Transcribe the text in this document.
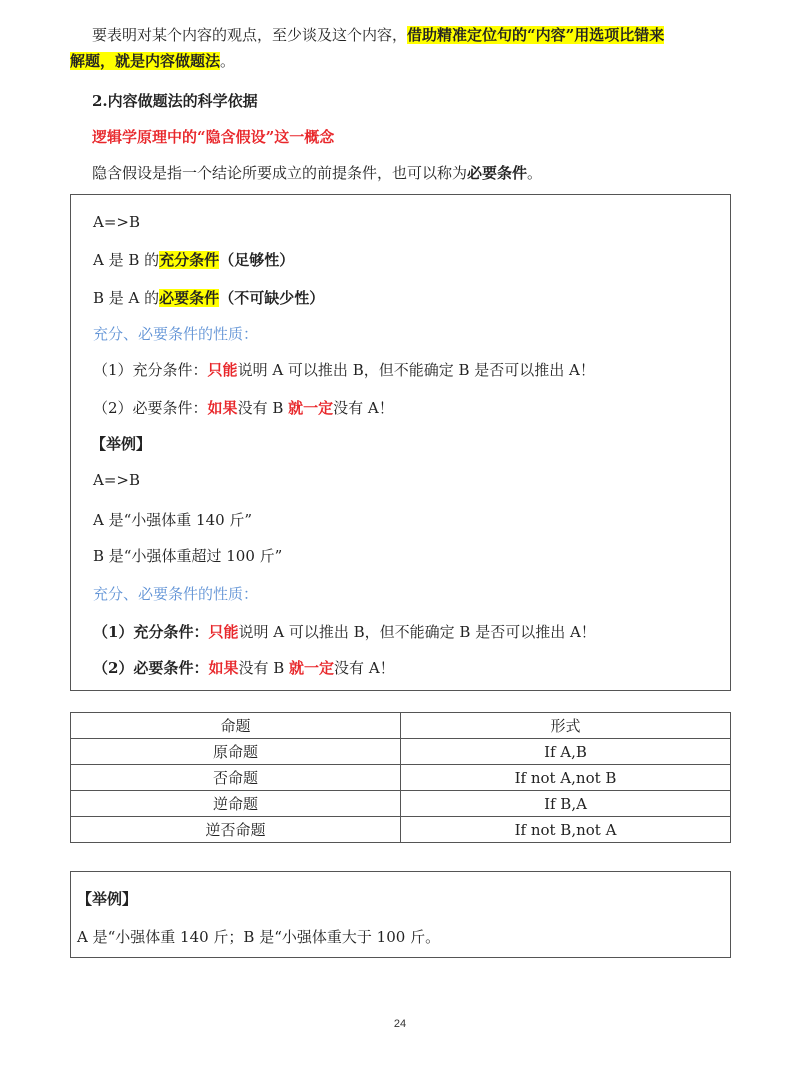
要表明对某个内容的观点，至少谈及这个内容，借助精准定位句的“内容”用选项比错来
解题，就是内容做题法。
2.内容做题法的科学依据
逻辑学原理中的“隐含假设”这一概念
隐含假设是指一个结论所要成立的前提条件，也可以称为必要条件。
A=>B
A 是 B 的充分条件（足够性）
B 是 A 的必要条件（不可缺少性）
充分、必要条件的性质：
（1）充分条件：只能说明 A 可以推出 B，但不能确定 B 是否可以推出 A！
（2）必要条件：如果没有 B 就一定没有 A！
【举例】
A=>B
A 是“小强体重 140 斤”
B 是“小强体重超过 100 斤”
充分、必要条件的性质：
（1）充分条件：只能说明 A 可以推出 B，但不能确定 B 是否可以推出 A！
（2）必要条件：如果没有 B 就一定没有 A！
命题	形式
原命题	If A,B
否命题	If not A,not B
逆命题	If B,A
逆否命题	If not B,not A
【举例】
A 是“小强体重 140 斤；B 是“小强体重大于 100 斤。
24
